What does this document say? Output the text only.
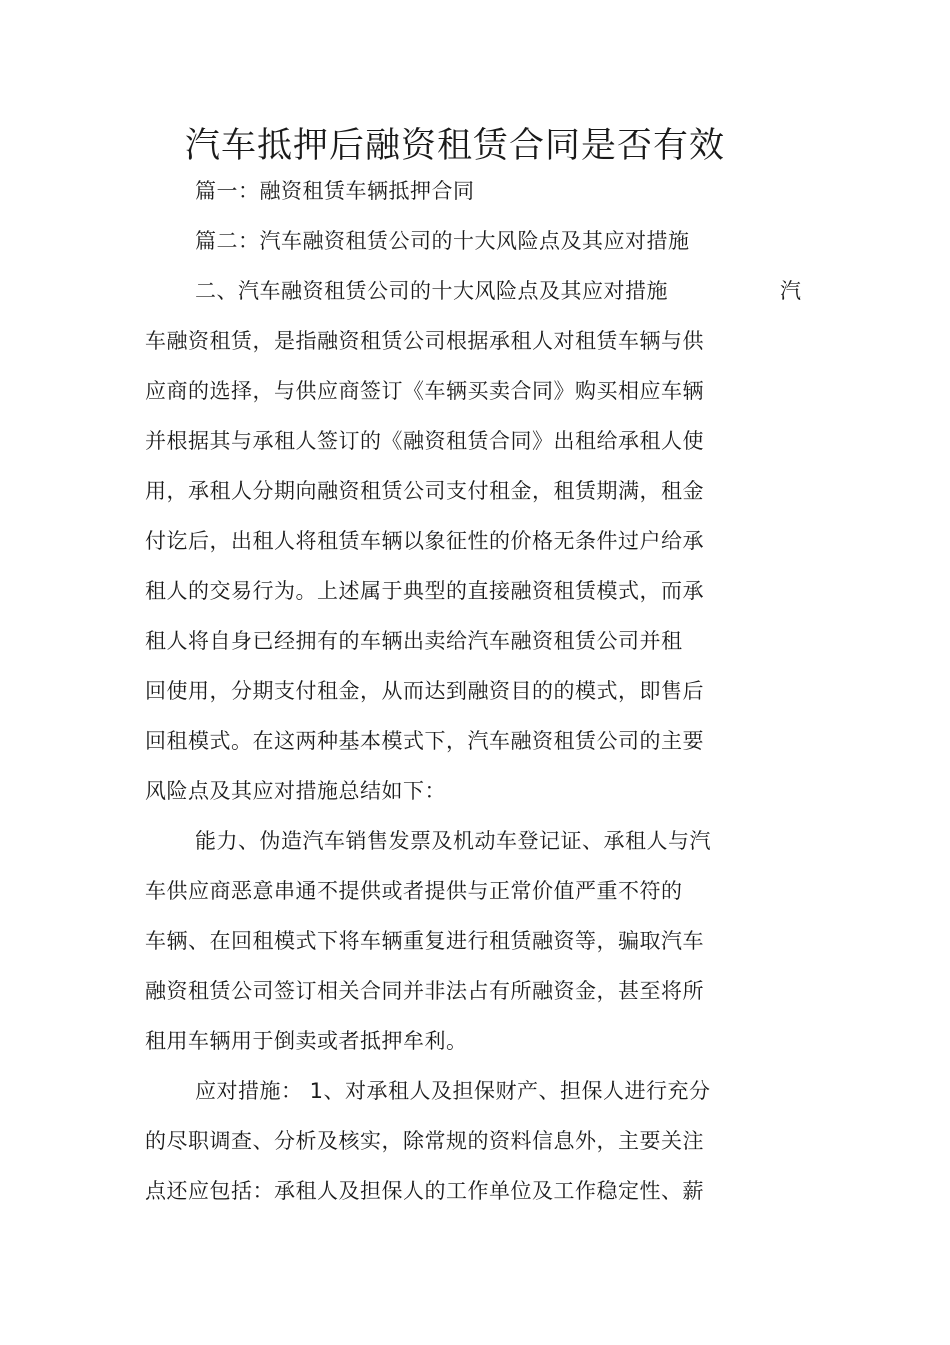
汽车抵押后融资租赁合同是否有效

篇一：融资租赁车辆抵押合同

篇二：汽车融资租赁公司的十大风险点及其应对措施

二、汽车融资租赁公司的十大风险点及其应对措施	汽

车融资租赁，是指融资租赁公司根据承租人对租赁车辆与供

应商的选择，与供应商签订《车辆买卖合同》购买相应车辆

并根据其与承租人签订的《融资租赁合同》出租给承租人使

用，承租人分期向融资租赁公司支付租金，租赁期满，租金

付讫后，出租人将租赁车辆以象征性的价格无条件过户给承

租人的交易行为。上述属于典型的直接融资租赁模式，而承

租人将自身已经拥有的车辆出卖给汽车融资租赁公司并租

回使用，分期支付租金，从而达到融资目的的模式，即售后

回租模式。在这两种基本模式下，汽车融资租赁公司的主要

风险点及其应对措施总结如下：

能力、伪造汽车销售发票及机动车登记证、承租人与汽

车供应商恶意串通不提供或者提供与正常价值严重不符的

车辆、在回租模式下将车辆重复进行租赁融资等，骗取汽车

融资租赁公司签订相关合同并非法占有所融资金，甚至将所

租用车辆用于倒卖或者抵押牟利。

应对措施： 1、对承租人及担保财产、担保人进行充分

的尽职调查、分析及核实，除常规的资料信息外，主要关注

点还应包括：承租人及担保人的工作单位及工作稳定性、薪
